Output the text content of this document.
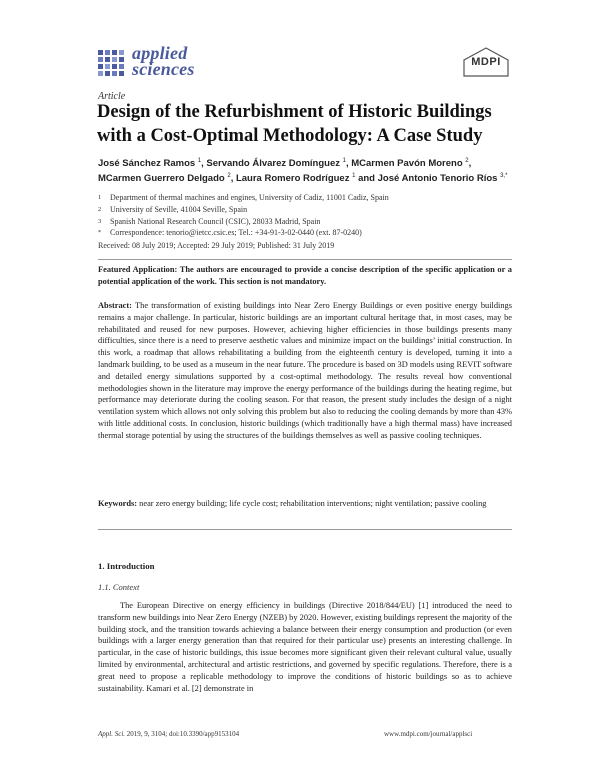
applied
sciences	MDPI
Article
Design of the Refurbishment of Historic Buildings with a Cost-Optimal Methodology: A Case Study
José Sánchez Ramos $^1$, Servando Álvarez Domínguez $^1$, MCarmen Pavón Moreno $^2$,
MCarmen Guerrero Delgado $^2$, Laura Romero Rodríguez $^1$ and José Antonio Tenorio Ríos $^{3,*}$
1	Department of thermal machines and engines, University of Cadiz, 11001 Cadiz, Spain
2	University of Seville, 41004 Seville, Spain
3	Spanish National Research Council (CSIC), 28033 Madrid, Spain
*	Correspondence: tenorio@ietcc.csic.es; Tel.: +34-91-3-02-0440 (ext. 87-0240)
Received: 08 July 2019; Accepted: 29 July 2019; Published: 31 July 2019
Featured Application: The authors are encouraged to provide a concise description of the specific application or a potential application of the work. This section is not mandatory.
Abstract: The transformation of existing buildings into Near Zero Energy Buildings or even positive energy buildings remains a major challenge. In particular, historic buildings are an important cultural heritage that, in most cases, may be rehabilitated and reused for new purposes. However, achieving higher efficiencies in those buildings presents many difficulties, since there is a need to preserve aesthetic values and minimize impact on the buildings’ initial construction. In this work, a roadmap that allows rehabilitating a building from the eighteenth century is developed, turning it into a landmark building, to be used as a museum in the near future. The procedure is based on 3D models using REVIT software and detailed energy simulations supported by a cost-optimal methodology. The results reveal how conventional methodologies shown in the literature may improve the energy performance of the buildings during the heating regime, but performance may deteriorate during the cooling season. For that reason, the present study includes the design of a night ventilation system which allows not only solving this problem but also to reducing the cooling demands by more than 43% with little additional costs. In conclusion, historic buildings (which traditionally have a high thermal mass) have increased thermal storage potential by using the structures of the buildings themselves as well as passive cooling techniques.
Keywords: near zero energy building; life cycle cost; rehabilitation interventions; night ventilation; passive cooling
1. Introduction
1.1. Context
The European Directive on energy efficiency in buildings (Directive 2018/844/EU) [1] introduced the need to transform new buildings into Near Zero Energy (NZEB) by 2020. However, existing buildings represent the majority of the building stock, and the transition towards achieving a balance between their energy consumption and production (or even buildings with a larger energy generation than that required for their particular use) presents an interesting challenge. In particular, in the case of historic buildings, this issue becomes more significant given their relevant cultural value, usually limited by environmental, architectural and artistic restrictions, and governed by specific regulations. Therefore, there is a great need to propose a replicable methodology to improve the conditions of historic buildings so as to achieve sustainability. Kamari et al. [2] demonstrate in
Appl. Sci. 2019, 9, 3104; doi:10.3390/app9153104	www.mdpi.com/journal/applsci
